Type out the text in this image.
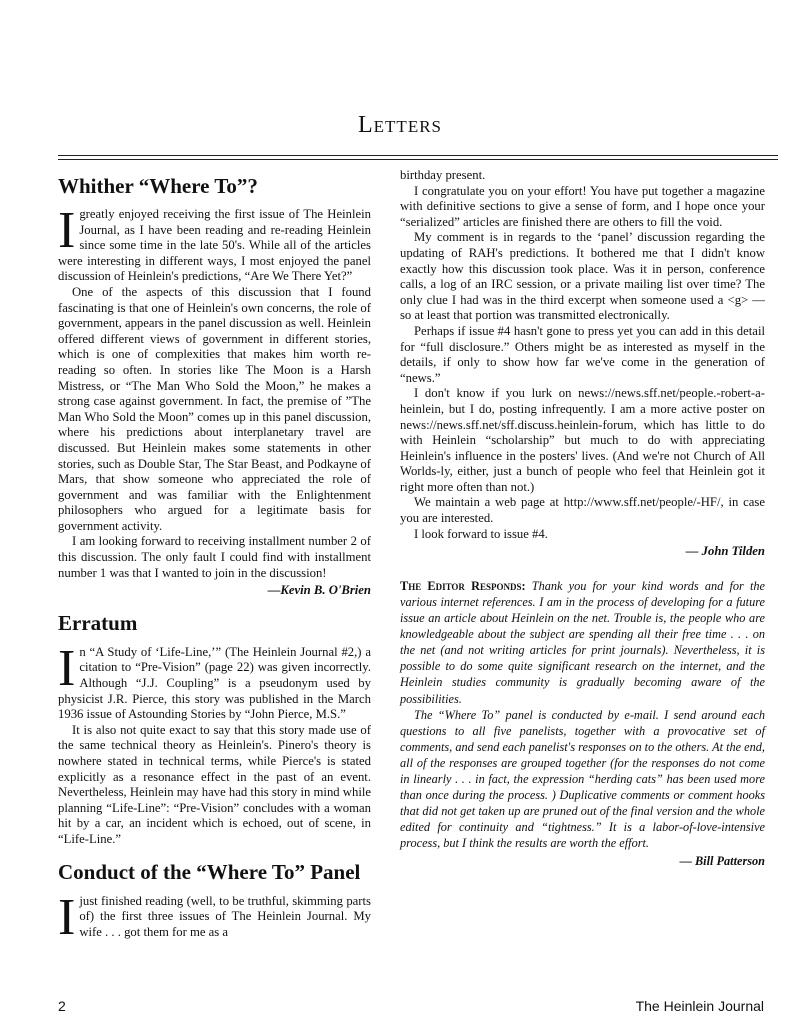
Letters
Whither “Where To”?

Igreatly enjoyed receiving the first issue of The Heinlein Journal, as I have been reading and re-reading Heinlein since some time in the late 50's. While all of the articles were interesting in different ways, I most enjoyed the panel discussion of Heinlein's predictions, “Are We There Yet?”

One of the aspects of this discussion that I found fascinating is that one of Heinlein's own concerns, the role of government, appears in the panel discussion as well. Heinlein offered different views of government in different stories, which is one of complexities that makes him worth re-reading so often. In stories like The Moon is a Harsh Mistress, or “The Man Who Sold the Moon,” he makes a strong case against government. In fact, the premise of ”The Man Who Sold the Moon” comes up in this panel discussion, where his predictions about interplanetary travel are discussed. But Heinlein makes some statements in other stories, such as Double Star, The Star Beast, and Podkayne of Mars, that show someone who appreciated the role of government and was familiar with the Enlightenment philosophers who argued for a legitimate basis for government activity.

I am looking forward to receiving installment number 2 of this discussion. The only fault I could find with installment number 1 was that I wanted to join in the discussion!

—Kevin B. O'Brien
Erratum

In “A Study of ‘Life-Line,’” (The Heinlein Journal #2,) a citation to “Pre-Vision” (page 22) was given incorrectly. Although “J.J. Coupling” is a pseudonym used by physicist J.R. Pierce, this story was published in the March 1936 issue of Astounding Stories by “John Pierce, M.S.”

It is also not quite exact to say that this story made use of the same technical theory as Heinlein's. Pinero's theory is nowhere stated in technical terms, while Pierce's is stated explicitly as a resonance effect in the past of an event. Nevertheless, Heinlein may have had this story in mind while planning “Life-Line”: “Pre-Vision” concludes with a woman hit by a car, an incident which is echoed, out of scene, in “Life-Line.”

Conduct of the “Where To” Panel

Ijust finished reading (well, to be truthful, skimming parts of) the first three issues of The Heinlein Journal. My wife . . . got them for me as a

birthday present.

I congratulate you on your effort! You have put together a magazine with definitive sections to give a sense of form, and I hope once your “serialized” articles are finished there are others to fill the void.

My comment is in regards to the ‘panel’ discussion regarding the updating of RAH's predictions. It bothered me that I didn't know exactly how this discussion took place. Was it in person, conference calls, a log of an IRC session, or a private mailing list over time? The only clue I had was in the third excerpt when someone used a <g> — so at least that portion was transmitted electronically.

Perhaps if issue #4 hasn't gone to press yet you can add in this detail for “full disclosure.” Others might be as interested as myself in the details, if only to show how far we've come in the generation of “news.”

I don't know if you lurk on news://news.sff.net/people.-robert-a-heinlein, but I do, posting infrequently. I am a more active poster on news://news.sff.net/sff.discuss.heinlein-forum, which has little to do with Heinlein “scholarship” but much to do with appreciating Heinlein's influence in the posters' lives. (And we're not Church of All Worlds-ly, either, just a bunch of people who feel that Heinlein got it right more often than not.)

We maintain a web page at http://www.sff.net/people/-HF/, in case you are interested.

I look forward to issue #4.

— John Tilden

The Editor Responds: Thank you for your kind words and for the various internet references. I am in the process of developing for a future issue an article about Heinlein on the net. Trouble is, the people who are knowledgeable about the subject are spending all their free time . . . on the net (and not writing articles for print journals). Nevertheless, it is possible to do some quite significant research on the internet, and the Heinlein studies community is gradually becoming aware of the possibilities.

The “Where To” panel is conducted by e-mail. I send around each questions to all five panelists, together with a provocative set of comments, and send each panelist's responses on to the others. At the end, all of the responses are grouped together (for the responses do not come in linearly . . . in fact, the expression “herding cats” has been used more than once during the process. ) Duplicative comments or comment hooks that did not get taken up are pruned out of the final version and the whole edited for continuity and “tightness.” It is a labor-of-love-intensive process, but I think the results are worth the effort.

— Bill Patterson
2	The Heinlein Journal
